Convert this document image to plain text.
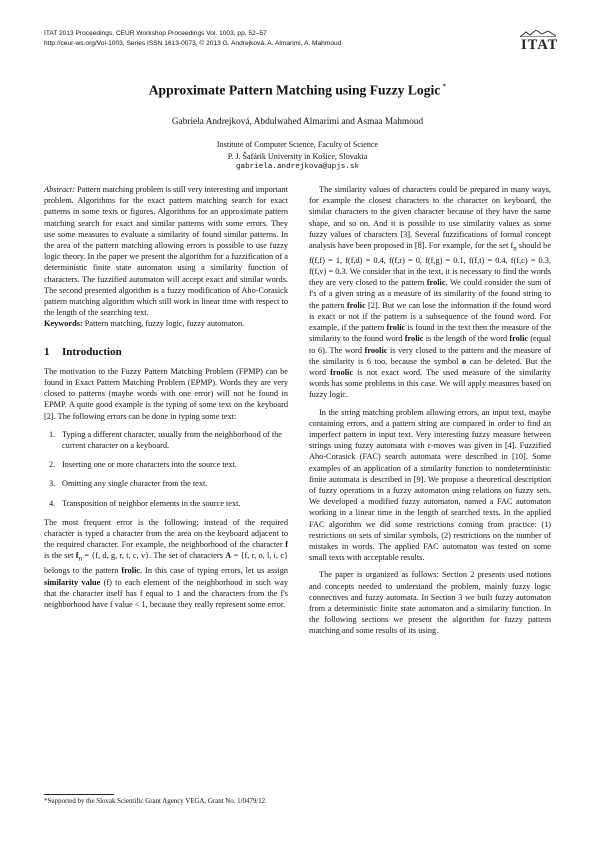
ITAT 2013 Proceedings, CEUR Workshop Proceedings Vol. 1003, pp. 52–57
http://ceur-ws.org/Vol-1003, Series ISSN 1613-0073, © 2013 G. Andrejková, A. Almarimi, A. Mahmoud	ITAT
Approximate Pattern Matching using Fuzzy Logic *
Gabriela Andrejková, Abdulwahed Almarimi and Asmaa Mahmoud
Institute of Computer Science, Faculty of Science
P. J. Šafárik University in Košice, Slovakia
gabriela.andrejkova@upjs.sk

Abstract: Pattern matching problem is still very interesting and important problem. Algorithms for the exact pattern matching search for exact patterns in some texts or figures. Algorithms for an approximate pattern matching search for exact and similar patterns with some errors. They use some measures to evaluate a similarity of found similar patterns. In the area of the pattern matching allowing errors is possible to use fuzzy logic theory. In the paper we present the algorithm for a fuzzification of a deterministic finite state automaton using a similarity function of characters. The fuzzified automaton will accept exact and similar words. The second presented algorithm is a fuzzy modification of Aho-Corasick pattern matching algorithm which still work in linear time with respect to the length of the searching text.

Keywords: Pattern matching, fuzzy logic, fuzzy automaton.

1 Introduction

The motivation to the Fuzzy Pattern Matching Problem (FPMP) can be found in Exact Pattern Matching Problem (EPMP). Words they are very closed to patterns (maybe words with one error) will not be found in EPMP. A quite good example is the typing of some text on the keyboard [2]. The following errors can be done in typing some text:

1. Typing a different character, usually from the neighborhood of the current character on a keyboard.
2. Inserting one or more characters into the source text.
3. Omitting any single character from the text.
4. Transposition of neighbor elements in the source text.

The most frequent error is the following: instead of the required character is typed a character from the area on the keyboard adjacent to the required character. For example, the neighborhood of the character f is the set $f_n = \{f$, d, g, r, t, c, v}. The set of characters A = {f, r, o, l, i, c} belongs to the pattern frolic. In this case of typing errors, let us assign similarity value (f) to each element of the neighborhood in such way that the character itself has f equal to 1 and the characters from the f's neighborhood have f value < 1, because they really represent some error.

*Supported by the Slovak Scientific Grant Agency VEGA, Grant No. 1/0479/12.

The similarity values of characters could be prepared in many ways, for example the closest characters to the character on keyboard, the similar characters to the given character because of they have the same shape, and so on. And it is possible to use similarity values as some fuzzy values of characters [3]. Several fuzzifications of formal concept analysis have been proposed in [8]. For example, for the set $f_n$ should be f(f,f) = 1, f(f,d) = 0.4, f(f,r) = 0, f(f,g) = 0.1, f(f,t) = 0.4, f(f,c) = 0.3, f(f,v) = 0.3. We consider that in the text, it is necessary to find the words they are very closed to the pattern frolic. We could consider the sum of f's of a given string as a measure of its similarity of the found string to the pattern frolic [2]. But we can lose the information if the found word is exact or not if the pattern is a subsequence of the found word. For example, if the pattern frolic is found in the text then the measure of the similarity to the found word frolic is the length of the word frolic (equal to 6). The word froolic is very closed to the pattern and the measure of the similarity is 6 too, because the symbol o can be deleted. But the word froolic is not exact word. The used measure of the similarity words has some problems in this case. We will apply measures based on fuzzy logic.

In the string matching problem allowing errors, an input text, maybe containing errors, and a pattern string are compared in order to find an imperfect pattern in input text. Very interesting fuzzy measure between strings using fuzzy automata with ε-moves was given in [4]. Fuzzified Aho-Corasick (FAC) search automata were described in [10]. Some examples of an application of a similarity function to nondeterministic finite automata is described in [9]. We propose a theoretical description of fuzzy operations in a fuzzy automaton using relations on fuzzy sets. We developed a modified fuzzy automaton, named a FAC automaton working in a linear time in the length of searched texts. In the applied FAC algorithm we did some restrictions coming from practice: (1) restrictions on sets of similar symbols, (2) restrictions on the number of mistakes in words. The applied FAC automaton was tested on some small texts with acceptable results.

The paper is organized as follows: Section 2 presents used notions and concepts needed to understand the problem, mainly fuzzy logic connectives and fuzzy automata. In Section 3 we built fuzzy automaton from a deterministic finite state automaton and a similarity function. In the following sections we present the algorithm for fuzzy pattern matching and some results of its using.
